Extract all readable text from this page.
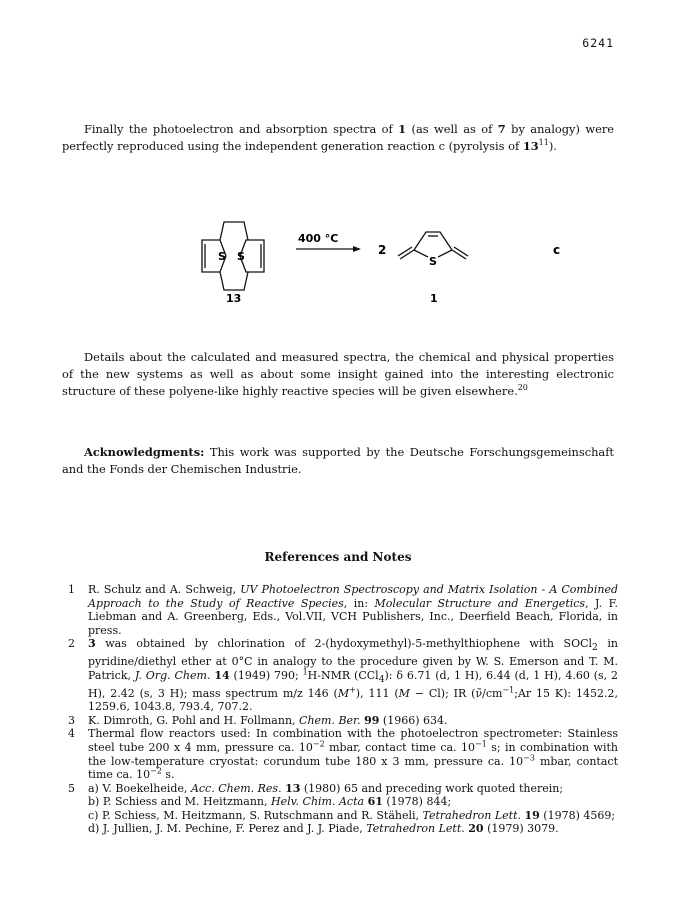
6241

Finally the photoelectron and absorption spectra of 1 (as well as of 7 by analogy) were perfectly reproduced using the independent generation reaction c (pyrolysis of $13^{11}$).

S S
13
400 °C
2
S
1
c

Details about the calculated and measured spectra, the chemical and physical properties of the new systems as well as about some insight gained into the interesting electronic structure of these polyene-like highly reactive species will be given elsewhere.$^{20}$

Acknowledgments: This work was supported by the Deutsche Forschungsgemeinschaft and the Fonds der Chemischen Industrie.

References and Notes
1 R. Schulz and A. Schweig, UV Photoelectron Spectroscopy and Matrix Isolation - A Combined Approach to the Study of Reactive Species, in: Molecular Structure and Energetics, J. F. Liebman and A. Greenberg, Eds., Vol.VII, VCH Publishers, Inc., Deerfield Beach, Florida, in press.
2 3 was obtained by chlorination of 2-(hydoxymethyl)-5-methylthiophene with SOCl$_2$ in pyridine/diethyl ether at 0°C in analogy to the procedure given by W. S. Emerson and T. M. Patrick, J. Org. Chem. 14 (1949) 790; $^1$H-NMR (CCl$_4$): δ 6.71 (d, 1 H), 6.44 (d, 1 H), 4.60 (s, 2 H), 2.42 (s, 3 H); mass spectrum m/z 146 (M+), 111 (M − Cl); IR ($\nũ/cm^{-1};Ar$ 15 K): 1452.2, 1259.6, 1043.8, 793.4, 707.2.
3 K. Dimroth, G. Pohl and H. Follmann, Chem. Ber. 99 (1966) 634.
4 Thermal flow reactors used: In combination with the photoelectron spectrometer: Stainless steel tube 200 x 4 mm, pressure ca. $10^{-2}$ mbar, contact time ca. $10^{-1}$ s; in combination with the low-temperature cryostat: corundum tube 180 x 3 mm, pressure ca. $10^{-3}$ mbar, contact time ca. $10^{-2}$ s.
5 a) V. Boekelheide, Acc. Chem. Res. 13 (1980) 65 and preceding work quoted therein;
b) P. Schiess and M. Heitzmann, Helv. Chim. Acta 61 (1978) 844;
c) P. Schiess, M. Heitzmann, S. Rutschmann and R. Stäheli, Tetrahedron Lett. 19 (1978) 4569;
d) J. Jullien, J. M. Pechine, F. Perez and J. J. Piade, Tetrahedron Lett. 20 (1979) 3079.
